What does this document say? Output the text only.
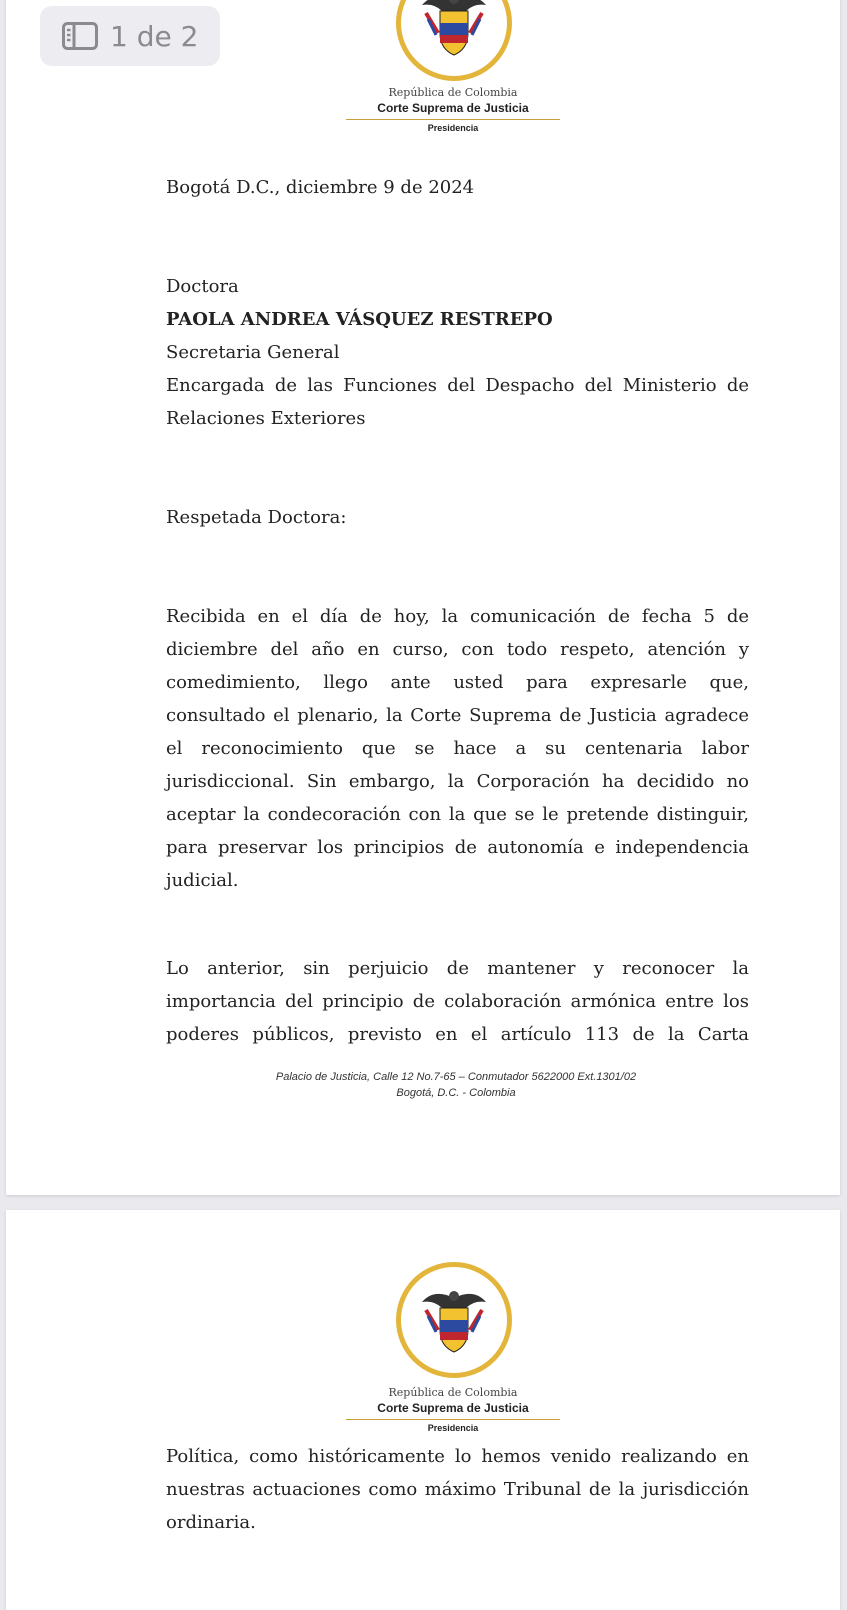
República de Colombia
Corte Suprema de Justicia
Presidencia
Bogotá D.C., diciembre 9 de 2024
Doctora
PAOLA ANDREA VÁSQUEZ RESTREPO
Secretaria General

Encargada de las Funciones del Despacho del Ministerio de

Relaciones Exteriores
Respetada Doctora:

Recibida en el día de hoy, la comunicación de fecha 5 de

diciembre del año en curso, con todo respeto, atención y

comedimiento, llego ante usted para expresarle que,

consultado el plenario, la Corte Suprema de Justicia agradece

el reconocimiento que se hace a su centenaria labor

jurisdiccional. Sin embargo, la Corporación ha decidido no

aceptar la condecoración con la que se le pretende distinguir,

para preservar los principios de autonomía e independencia

judicial.

Lo anterior, sin perjuicio de mantener y reconocer la

importancia del principio de colaboración armónica entre los

poderes públicos, previsto en el artículo 113 de la Carta

Palacio de Justicia, Calle 12 No.7-65 – Conmutador 5622000 Ext.1301/02
Bogotá, D.C. - Colombia
República de Colombia
Corte Suprema de Justicia
Presidencia

Política, como históricamente lo hemos venido realizando en

nuestras actuaciones como máximo Tribunal de la jurisdicción

ordinaria.

1 de 2
